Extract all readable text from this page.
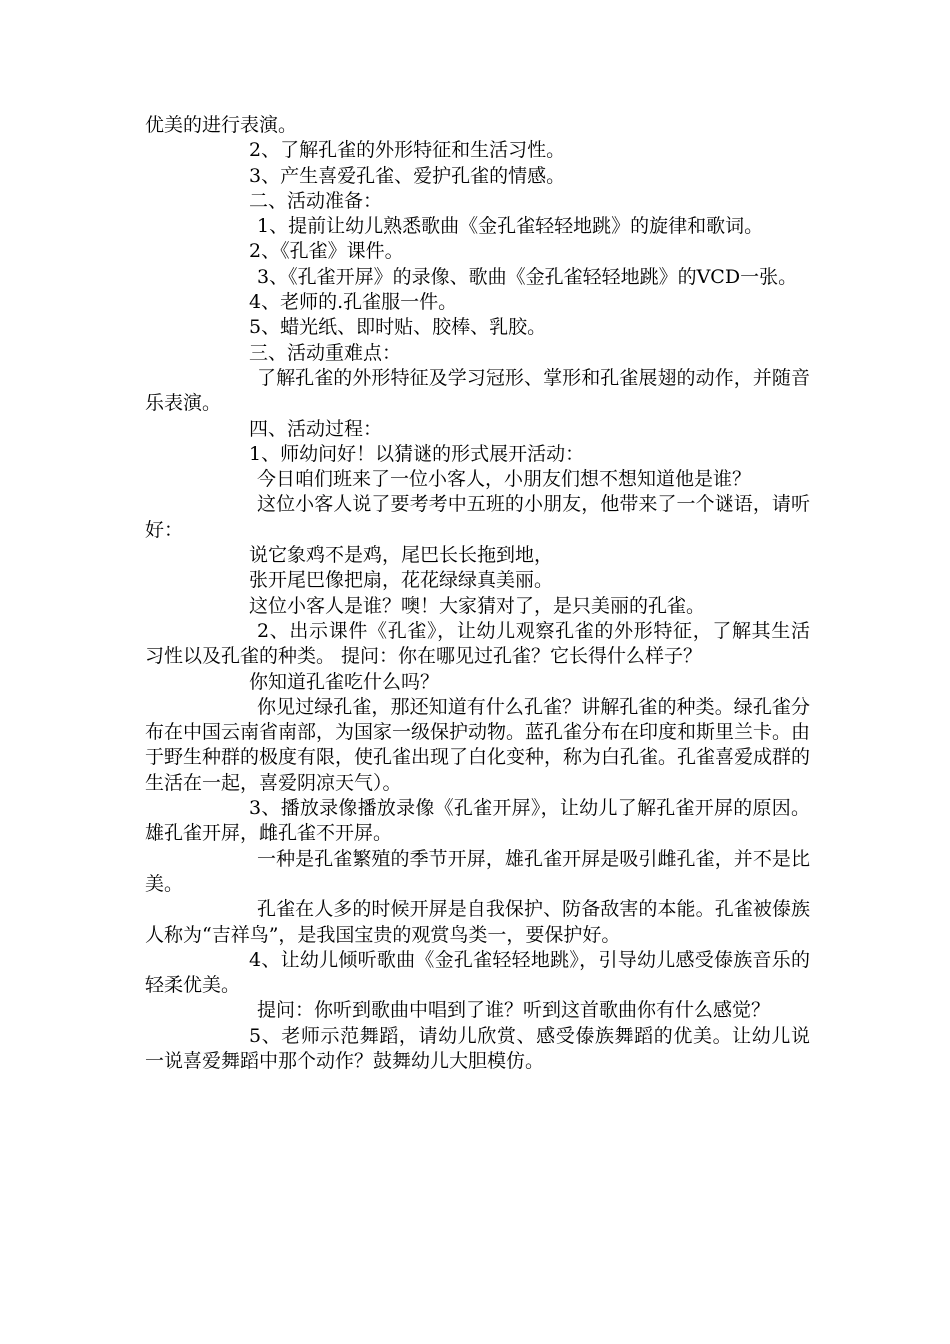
优美的进行表演。

2、了解孔雀的外形特征和生活习性。

3、产生喜爱孔雀、爱护孔雀的情感。

二、活动准备：

1、提前让幼儿熟悉歌曲《金孔雀轻轻地跳》的旋律和歌词。

2、《孔雀》课件。

3、《孔雀开屏》的录像、歌曲《金孔雀轻轻地跳》的VCD一张。

4、老师的.孔雀服一件。

5、蜡光纸、即时贴、胶棒、乳胶。

三、活动重难点：

了解孔雀的外形特征及学习冠形、掌形和孔雀展翅的动作，并随音乐表演。

四、活动过程：

1、师幼问好！以猜谜的形式展开活动：

今日咱们班来了一位小客人，小朋友们想不想知道他是谁？

这位小客人说了要考考中五班的小朋友，他带来了一个谜语，请听好：

说它象鸡不是鸡，尾巴长长拖到地，

张开尾巴像把扇，花花绿绿真美丽。

这位小客人是谁？噢！大家猜对了，是只美丽的孔雀。

2、出示课件《孔雀》，让幼儿观察孔雀的外形特征，了解其生活习性以及孔雀的种类。 提问：你在哪见过孔雀？它长得什么样子？

你知道孔雀吃什么吗？

你见过绿孔雀，那还知道有什么孔雀？讲解孔雀的种类。绿孔雀分布在中国云南省南部，为国家一级保护动物。蓝孔雀分布在印度和斯里兰卡。由于野生种群的极度有限，使孔雀出现了白化变种，称为白孔雀。孔雀喜爱成群的生活在一起，喜爱阴凉天气）。

3、播放录像播放录像《孔雀开屏》，让幼儿了解孔雀开屏的原因。雄孔雀开屏，雌孔雀不开屏。

一种是孔雀繁殖的季节开屏，雄孔雀开屏是吸引雌孔雀，并不是比美。

孔雀在人多的时候开屏是自我保护、防备敌害的本能。孔雀被傣族人称为“吉祥鸟”，是我国宝贵的观赏鸟类一，要保护好。

4、让幼儿倾听歌曲《金孔雀轻轻地跳》，引导幼儿感受傣族音乐的轻柔优美。

提问：你听到歌曲中唱到了谁？听到这首歌曲你有什么感觉？

5、老师示范舞蹈，请幼儿欣赏、感受傣族舞蹈的优美。让幼儿说一说喜爱舞蹈中那个动作？鼓舞幼儿大胆模仿。
